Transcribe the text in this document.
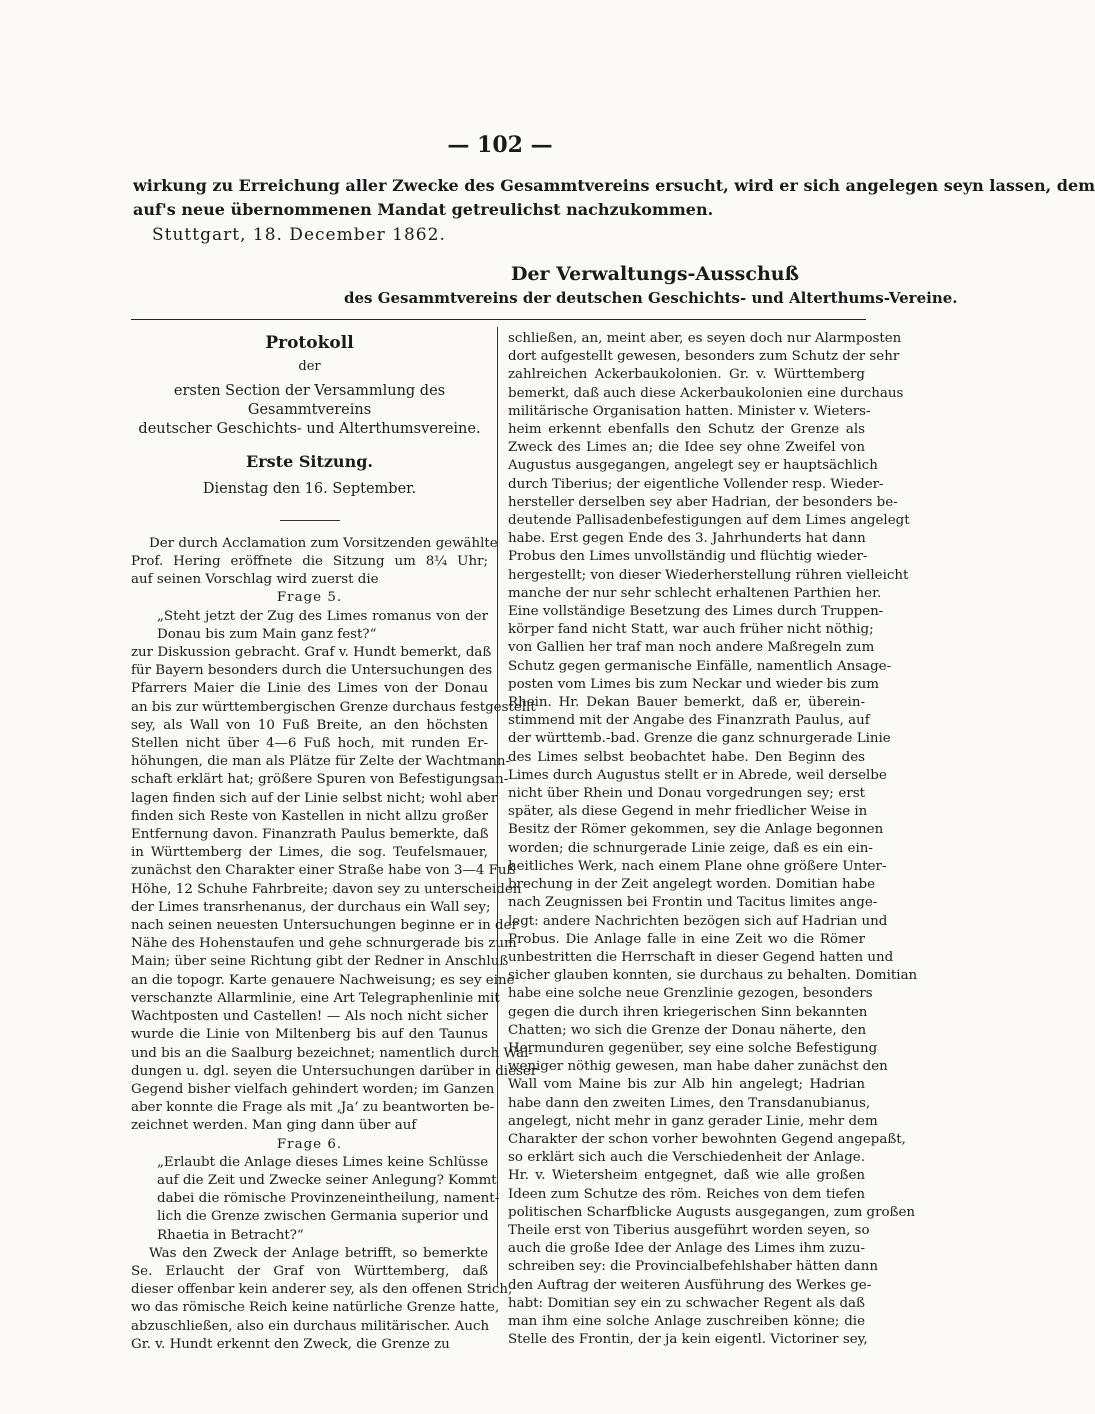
— 102 —
wirkung zu Erreichung aller Zwecke des Gesammtvereins ersucht, wird er sich angelegen seyn lassen, dem
auf's neue übernommenen Mandat getreulichst nachzukommen.
Stuttgart, 18. December 1862.
Der Verwaltungs-Ausschuß
des Gesammtvereins der deutschen Geschichts- und Alterthums-Vereine.
Protokoll
der
ersten Section der Versammlung des Gesammtvereins
deutscher Geschichts- und Alterthumsvereine.
Erste Sitzung.
Dienstag den 16. September.
Der durch Acclamation zum Vorsitzenden gewählte
Prof. Hering eröffnete die Sitzung um 8¼ Uhr;
auf seinen Vorschlag wird zuerst die
Frage 5.
„Steht jetzt der Zug des Limes romanus von der
Donau bis zum Main ganz fest?“
zur Diskussion gebracht. Graf v. Hundt bemerkt, daß
für Bayern besonders durch die Untersuchungen des
Pfarrers Maier die Linie des Limes von der Donau
an bis zur württembergischen Grenze durchaus festgestellt
sey, als Wall von 10 Fuß Breite, an den höchsten
Stellen nicht über 4—6 Fuß hoch, mit runden Er-
höhungen, die man als Plätze für Zelte der Wachtmann-
schaft erklärt hat; größere Spuren von Befestigungsan-
lagen finden sich auf der Linie selbst nicht; wohl aber
finden sich Reste von Kastellen in nicht allzu großer
Entfernung davon. Finanzrath Paulus bemerkte, daß
in Württemberg der Limes, die sog. Teufelsmauer,
zunächst den Charakter einer Straße habe von 3—4 Fuß
Höhe, 12 Schuhe Fahrbreite; davon sey zu unterscheiden
der Limes transrhenanus, der durchaus ein Wall sey;
nach seinen neuesten Untersuchungen beginne er in der
Nähe des Hohenstaufen und gehe schnurgerade bis zum
Main; über seine Richtung gibt der Redner in Anschluß
an die topogr. Karte genauere Nachweisung; es sey eine
verschanzte Allarmlinie, eine Art Telegraphenlinie mit
Wachtposten und Castellen! — Als noch nicht sicher
wurde die Linie von Miltenberg bis auf den Taunus
und bis an die Saalburg bezeichnet; namentlich durch Wal-
dungen u. dgl. seyen die Untersuchungen darüber in dieser
Gegend bisher vielfach gehindert worden; im Ganzen
aber konnte die Frage als mit ‚Ja‘ zu beantworten be-
zeichnet werden. Man ging dann über auf
Frage 6.
„Erlaubt die Anlage dieses Limes keine Schlüsse
auf die Zeit und Zwecke seiner Anlegung? Kommt
dabei die römische Provinzeneintheilung, nament-
lich die Grenze zwischen Germania superior und
Rhaetia in Betracht?“
Was den Zweck der Anlage betrifft, so bemerkte
Se. Erlaucht der Graf von Württemberg, daß
dieser offenbar kein anderer sey, als den offenen Strich,
wo das römische Reich keine natürliche Grenze hatte,
abzuschließen, also ein durchaus militärischer. Auch
Gr. v. Hundt erkennt den Zweck, die Grenze zu
schließen, an, meint aber, es seyen doch nur Alarmposten
dort aufgestellt gewesen, besonders zum Schutz der sehr
zahlreichen Ackerbaukolonien. Gr. v. Württemberg
bemerkt, daß auch diese Ackerbaukolonien eine durchaus
militärische Organisation hatten. Minister v. Wieters-
heim erkennt ebenfalls den Schutz der Grenze als
Zweck des Limes an; die Idee sey ohne Zweifel von
Augustus ausgegangen, angelegt sey er hauptsächlich
durch Tiberius; der eigentliche Vollender resp. Wieder-
hersteller derselben sey aber Hadrian, der besonders be-
deutende Pallisadenbefestigungen auf dem Limes angelegt
habe. Erst gegen Ende des 3. Jahrhunderts hat dann
Probus den Limes unvollständig und flüchtig wieder-
hergestellt; von dieser Wiederherstellung rühren vielleicht
manche der nur sehr schlecht erhaltenen Parthien her.
Eine vollständige Besetzung des Limes durch Truppen-
körper fand nicht Statt, war auch früher nicht nöthig;
von Gallien her traf man noch andere Maßregeln zum
Schutz gegen germanische Einfälle, namentlich Ansage-
posten vom Limes bis zum Neckar und wieder bis zum
Rhein. Hr. Dekan Bauer bemerkt, daß er, überein-
stimmend mit der Angabe des Finanzrath Paulus, auf
der württemb.-bad. Grenze die ganz schnurgerade Linie
des Limes selbst beobachtet habe. Den Beginn des
Limes durch Augustus stellt er in Abrede, weil derselbe
nicht über Rhein und Donau vorgedrungen sey; erst
später, als diese Gegend in mehr friedlicher Weise in
Besitz der Römer gekommen, sey die Anlage begonnen
worden; die schnurgerade Linie zeige, daß es ein ein-
heitliches Werk, nach einem Plane ohne größere Unter-
brechung in der Zeit angelegt worden. Domitian habe
nach Zeugnissen bei Frontin und Tacitus limites ange-
legt: andere Nachrichten bezögen sich auf Hadrian und
Probus. Die Anlage falle in eine Zeit wo die Römer
unbestritten die Herrschaft in dieser Gegend hatten und
sicher glauben konnten, sie durchaus zu behalten. Domitian
habe eine solche neue Grenzlinie gezogen, besonders
gegen die durch ihren kriegerischen Sinn bekannten
Chatten; wo sich die Grenze der Donau näherte, den
Hermunduren gegenüber, sey eine solche Befestigung
weniger nöthig gewesen, man habe daher zunächst den
Wall vom Maine bis zur Alb hin angelegt; Hadrian
habe dann den zweiten Limes, den Transdanubianus,
angelegt, nicht mehr in ganz gerader Linie, mehr dem
Charakter der schon vorher bewohnten Gegend angepaßt,
so erklärt sich auch die Verschiedenheit der Anlage.
Hr. v. Wietersheim entgegnet, daß wie alle großen
Ideen zum Schutze des röm. Reiches von dem tiefen
politischen Scharfblicke Augusts ausgegangen, zum großen
Theile erst von Tiberius ausgeführt worden seyen, so
auch die große Idee der Anlage des Limes ihm zuzu-
schreiben sey: die Provincialbefehlshaber hätten dann
den Auftrag der weiteren Ausführung des Werkes ge-
habt: Domitian sey ein zu schwacher Regent als daß
man ihm eine solche Anlage zuschreiben könne; die
Stelle des Frontin, der ja kein eigentl. Victoriner sey,
